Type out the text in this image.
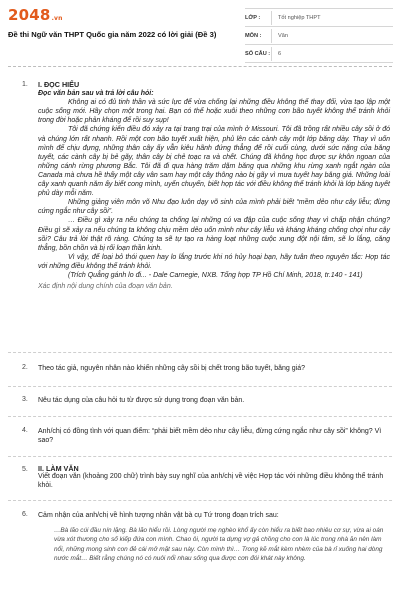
2048.vn
Đề thi Ngữ văn THPT Quốc gia năm 2022 có lời giải (Đề 3)
LỚP :	Tốt nghiệp THPT
MÔN :	Văn
SỐ CÂU : 6
1. I. ĐỌC HIỂU
Đọc văn bản sau và trả lời câu hỏi:

Không ai có đủ tinh thần và sức lực để vừa chống lại những điều không thể thay đổi, vừa tạo lập một cuộc sống mới. Hãy chọn một trong hai. Bạn có thể hoặc xuôi theo những cơn bão tuyết không thể tránh khỏi trong đời hoặc phản kháng để rồi suy sụp!

Tôi đã chứng kiến điều đó xảy ra tại trang trại của mình ở Missouri. Tôi đã trồng rất nhiều cây sồi ở đó và chúng lớn rất nhanh. Rồi một cơn bão tuyết xuất hiện, phủ lên các cành cây một lớp băng dày. Thay vì uốn mình để chịu đựng, những thân cây ấy vẫn kiêu hãnh đứng thẳng để rồi cuối cùng, dưới sức nặng của băng tuyết, các cành cây bị bẻ gãy, thân cây bị chẻ toạc ra và chết. Chúng đã không học được sự khôn ngoan của những cánh rừng phương Bắc. Tôi đã đi qua hàng trăm dặm băng qua những khu rừng xanh ngắt ngàn của Canada mà chưa hề thấy một cây vân sam hay một cây thông nào bị gãy vì mưa tuyết hay băng giá. Những loài cây xanh quanh năm ấy biết cong mình, uyển chuyển, biết hợp tác với điều không thể tránh khỏi là lớp băng tuyết phủ dày mỗi năm.

Những giảng viên môn võ Nhu đạo luôn dạy võ sinh của mình phải biết “mềm dẻo như cây liễu; đừng cứng ngắc như cây sồi”.

… Điều gì xảy ra nếu chúng ta chống lại những cú va đập của cuộc sống thay vì chấp nhận chúng? Điều gì sẽ xảy ra nếu chúng ta không chịu mềm dẻo uốn mình như cây liễu và kháng kháng chống chọi như cây sồi? Câu trả lời thật rõ ràng. Chúng ta sẽ tự tạo ra hàng loạt những cuộc xung đột nội tâm, sẽ lo lắng, căng thẳng, bồn chồn và bị rối loạn thần kinh.

Vì vậy, để loại bỏ thói quen hay lo lắng trước khi nó hủy hoại bạn, hãy tuân theo nguyên tắc: Hợp tác với những điều không thể tránh khỏi.

(Trích Quẳng gánh lo đi... - Dale Carnegie, NXB. Tổng hợp TP Hồ Chí Minh, 2018, tr.140 - 141)

Xác định nội dung chính của đoạn văn bản.
2. Theo tác giả, nguyên nhân nào khiến những cây sồi bị chết trong bão tuyết, băng giá?
3. Nêu tác dụng của câu hỏi tu từ được sử dụng trong đoạn văn bản.
4. Anh/chị có đồng tình với quan điểm: “phải biết mềm dẻo như cây liễu, đừng cứng ngắc như cây sồi” không? Vì sao?
5. II. LÀM VĂN
Viết đoạn văn (khoảng 200 chữ) trình bày suy nghĩ của anh/chị về việc Hợp tác với những điều không thể tránh khỏi.
6. Cảm nhận của anh/chị về hình tượng nhân vật bà cụ Tứ trong đoạn trích sau:
…Bà lão cúi đầu nín lặng. Bà lão hiểu rồi. Lòng người mẹ nghèo khổ ấy còn hiểu ra biết bao nhiêu cơ sự, vừa ai oán vừa xót thương cho số kiếp đứa con mình. Chao ôi, người ta dựng vợ gả chồng cho con là lúc trong nhà ăn nên làm nổi, những mong sinh con đẻ cái mở mặt sau này. Còn mình thì… Trong kẽ mắt kèm nhèm của bà rỉ xuống hai dòng nước mắt… Biết rằng chúng nó có nuôi nổi nhau sống qua được cơn đói khát này không.
